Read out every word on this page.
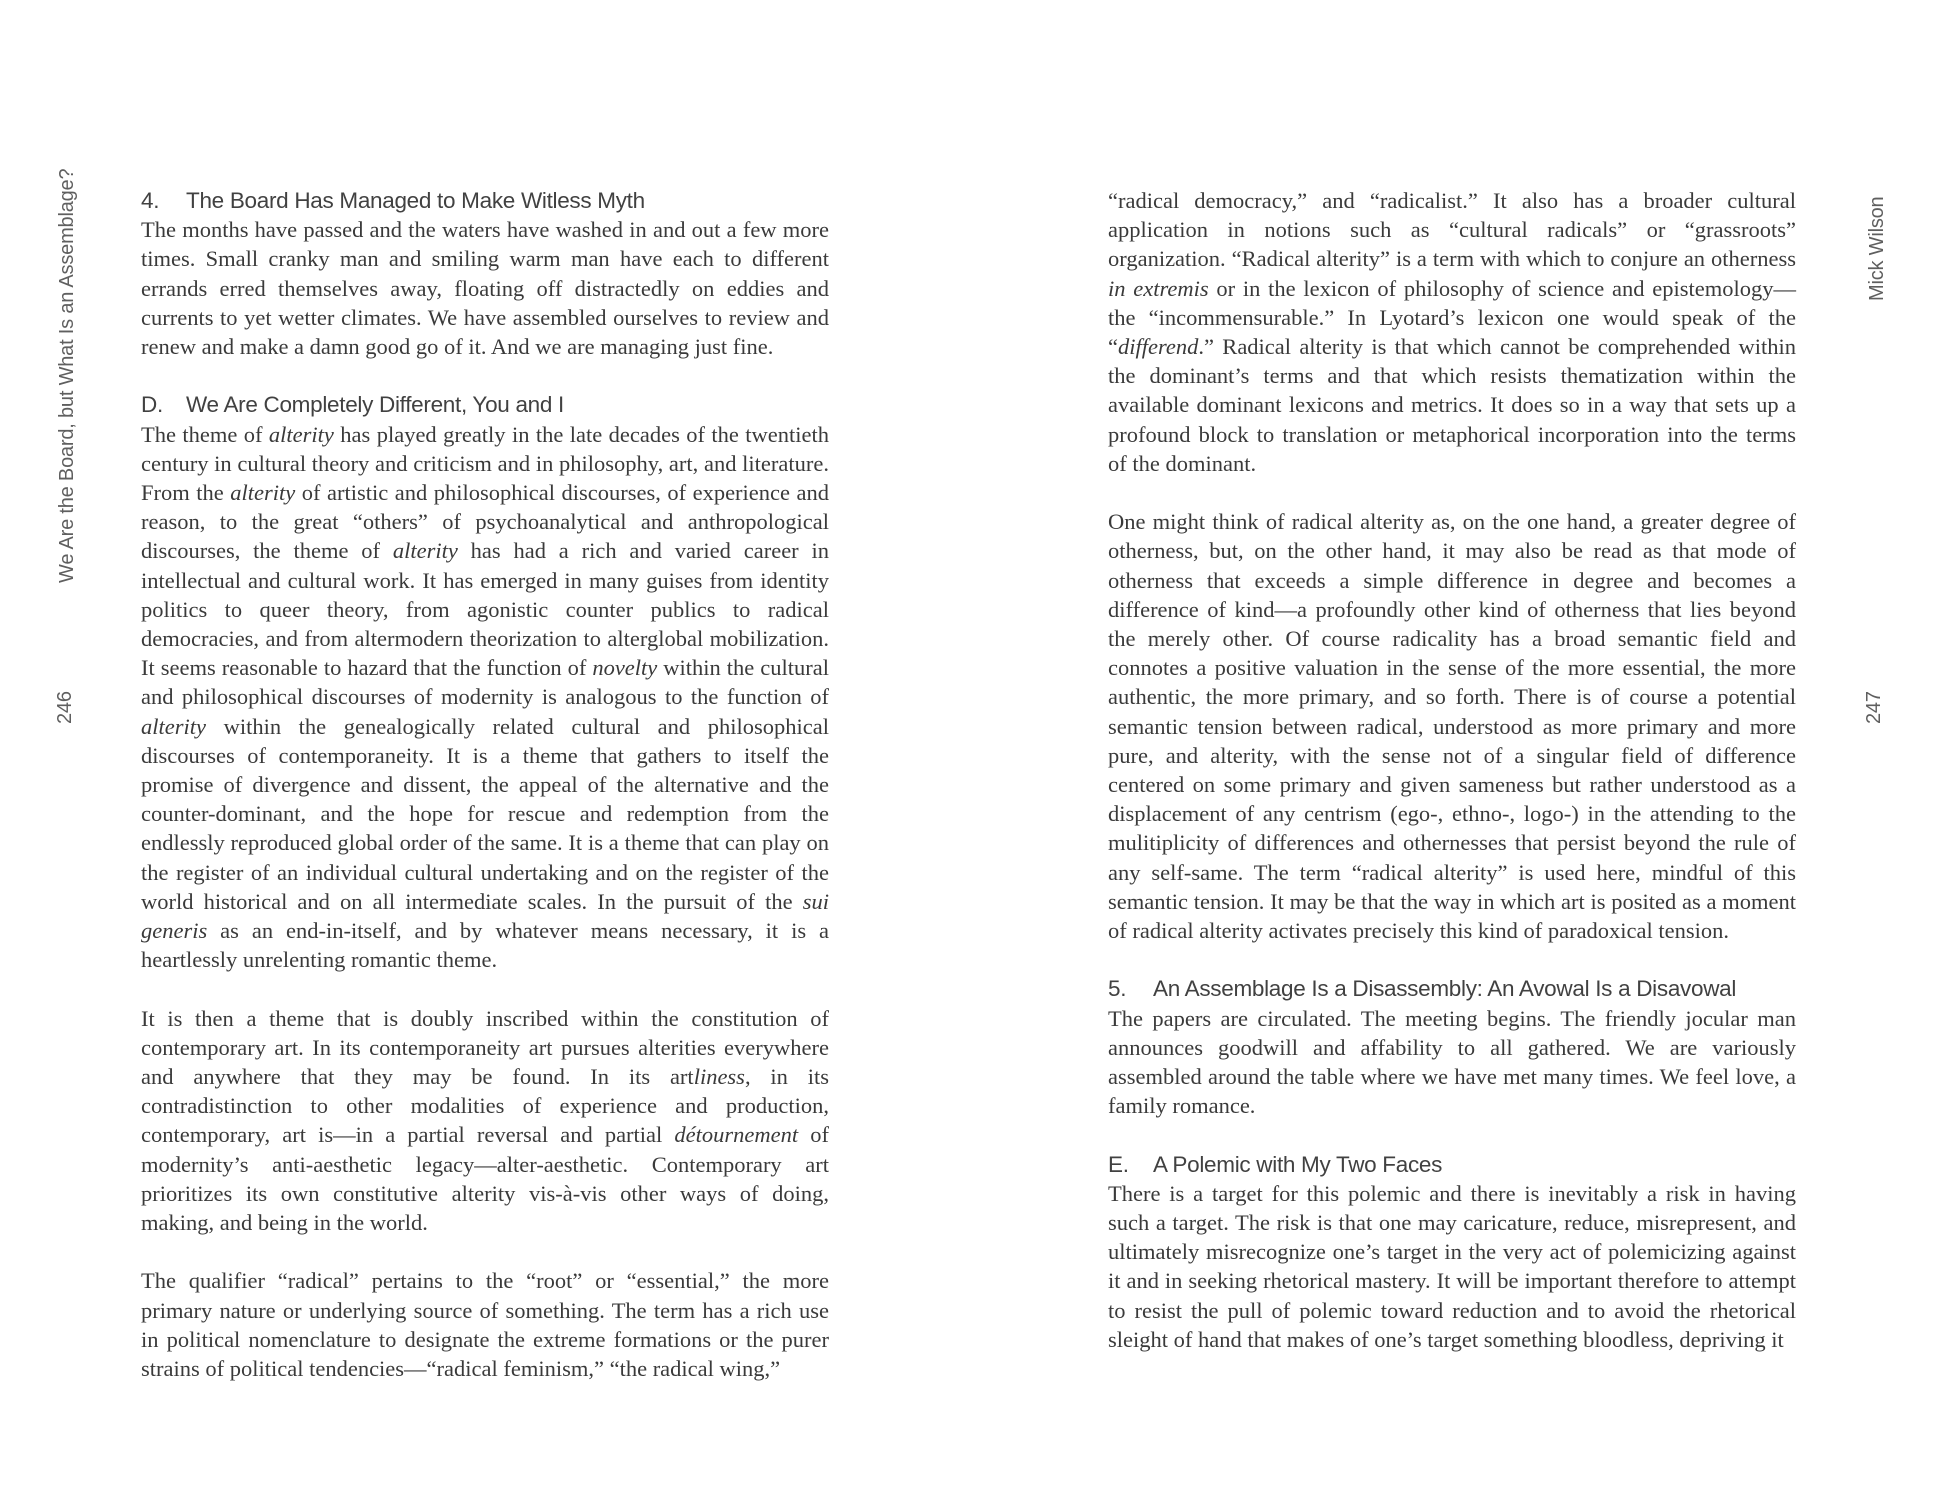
We Are the Board, but What Is an Assemblage?
246
4. The Board Has Managed to Make Witless Myth

The months have passed and the waters have washed in and out a few more times. Small cranky man and smiling warm man have each to different errands erred themselves away, floating off distractedly on eddies and currents to yet wetter climates. We have assembled ourselves to review and renew and make a damn good go of it. And we are managing just fine.

D. We Are Completely Different, You and I

The theme of alterity has played greatly in the late decades of the twentieth century in cultural theory and criticism and in philosophy, art, and literature. From the alterity of artistic and philosophical discourses, of experience and reason, to the great “others” of psychoanalytical and anthropological discourses, the theme of alterity has had a rich and varied career in intellectual and cultural work. It has emerged in many guises from identity politics to queer theory, from agonistic counter publics to radical democracies, and from altermodern theorization to alterglobal mobilization. It seems reasonable to hazard that the function of novelty within the cultural and philosophical discourses of modernity is analogous to the function of alterity within the genealogically related cultural and philosophical discourses of contemporaneity. It is a theme that gathers to itself the promise of divergence and dissent, the appeal of the alternative and the counter-dominant, and the hope for rescue and redemption from the endlessly reproduced global order of the same. It is a theme that can play on the register of an individual cultural undertaking and on the register of the world historical and on all intermediate scales. In the pursuit of the sui generis as an end-in-itself, and by whatever means necessary, it is a heartlessly unrelenting romantic theme.

It is then a theme that is doubly inscribed within the constitution of contemporary art. In its contemporaneity art pursues alterities everywhere and anywhere that they may be found. In its artliness, in its contradistinction to other modalities of experience and production, contemporary, art is—in a partial reversal and partial détournement of modernity’s anti-aesthetic legacy—alter-aesthetic. Contemporary art prioritizes its own constitutive alterity vis-à-vis other ways of doing, making, and being in the world.

The qualifier “radical” pertains to the “root” or “essential,” the more primary nature or underlying source of something. The term has a rich use in political nomenclature to designate the extreme formations or the purer strains of political tendencies—“radical feminism,” “the radical wing,”

“radical democracy,” and “radicalist.” It also has a broader cultural application in notions such as “cultural radicals” or “grassroots” organization. “Radical alterity” is a term with which to conjure an otherness in extremis or in the lexicon of philosophy of science and epistemology—the “incommensurable.” In Lyotard’s lexicon one would speak of the “differend.” Radical alterity is that which cannot be comprehended within the dominant’s terms and that which resists thematization within the available dominant lexicons and metrics. It does so in a way that sets up a profound block to translation or metaphorical incorporation into the terms of the dominant.

One might think of radical alterity as, on the one hand, a greater degree of otherness, but, on the other hand, it may also be read as that mode of otherness that exceeds a simple difference in degree and becomes a difference of kind—a profoundly other kind of otherness that lies beyond the merely other. Of course radicality has a broad semantic field and connotes a positive valuation in the sense of the more essential, the more authentic, the more primary, and so forth. There is of course a potential semantic tension between radical, understood as more primary and more pure, and alterity, with the sense not of a singular field of difference centered on some primary and given sameness but rather understood as a displacement of any centrism (ego-, ethno-, logo-) in the attending to the mulitiplicity of differences and othernesses that persist beyond the rule of any self-same. The term “radical alterity” is used here, mindful of this semantic tension. It may be that the way in which art is posited as a moment of radical alterity activates precisely this kind of paradoxical tension.

5. An Assemblage Is a Disassembly: An Avowal Is a Disavowal

The papers are circulated. The meeting begins. The friendly jocular man announces goodwill and affability to all gathered. We are variously assembled around the table where we have met many times. We feel love, a family romance.

E. A Polemic with My Two Faces

There is a target for this polemic and there is inevitably a risk in having such a target. The risk is that one may caricature, reduce, misrepresent, and ultimately misrecognize one’s target in the very act of polemicizing against it and in seeking rhetorical mastery. It will be important therefore to attempt to resist the pull of polemic toward reduction and to avoid the rhetorical sleight of hand that makes of one’s target something bloodless, depriving it

Mick Wilson
247
